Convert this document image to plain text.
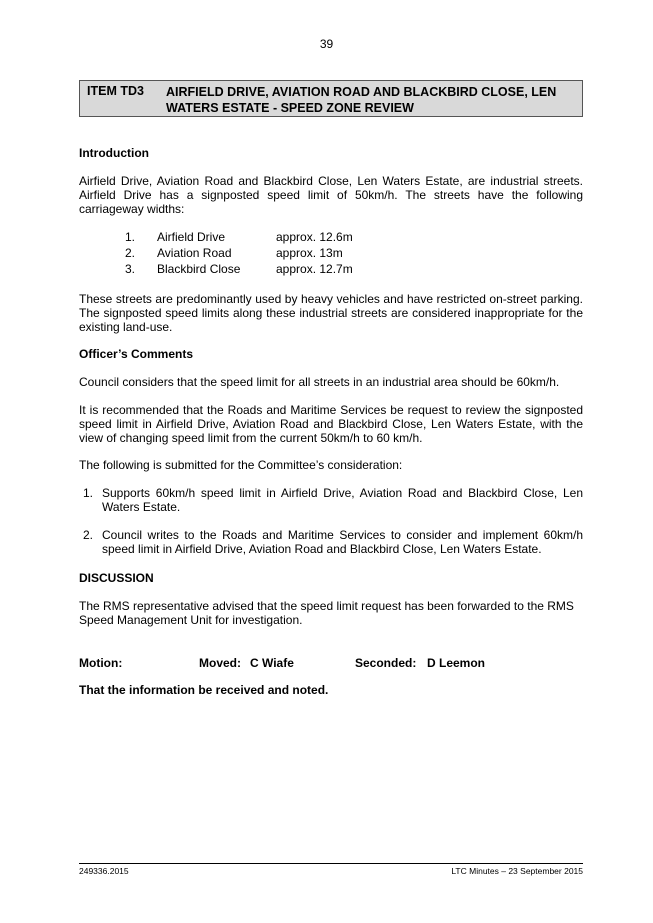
39
ITEM TD3 AIRFIELD DRIVE, AVIATION ROAD AND BLACKBIRD CLOSE, LEN WATERS ESTATE - SPEED ZONE REVIEW
Introduction
Airfield Drive, Aviation Road and Blackbird Close, Len Waters Estate, are industrial streets. Airfield Drive has a signposted speed limit of 50km/h. The streets have the following carriageway widths:
1. Airfield Drive	approx. 12.6m
2. Aviation Road	approx. 13m
3. Blackbird Close	approx. 12.7m
These streets are predominantly used by heavy vehicles and have restricted on-street parking. The signposted speed limits along these industrial streets are considered inappropriate for the existing land-use.
Officer’s Comments
Council considers that the speed limit for all streets in an industrial area should be 60km/h.
It is recommended that the Roads and Maritime Services be request to review the signposted speed limit in Airfield Drive, Aviation Road and Blackbird Close, Len Waters Estate, with the view of changing speed limit from the current 50km/h to 60 km/h.
The following is submitted for the Committee’s consideration:
1. Supports 60km/h speed limit in Airfield Drive, Aviation Road and Blackbird Close, Len Waters Estate.
2. Council writes to the Roads and Maritime Services to consider and implement 60km/h speed limit in Airfield Drive, Aviation Road and Blackbird Close, Len Waters Estate.
DISCUSSION
The RMS representative advised that the speed limit request has been forwarded to the RMS Speed Management Unit for investigation.
Motion:	Moved: C Wiafe	Seconded: D Leemon
That the information be received and noted.
249336.2015	LTC Minutes – 23 September 2015
